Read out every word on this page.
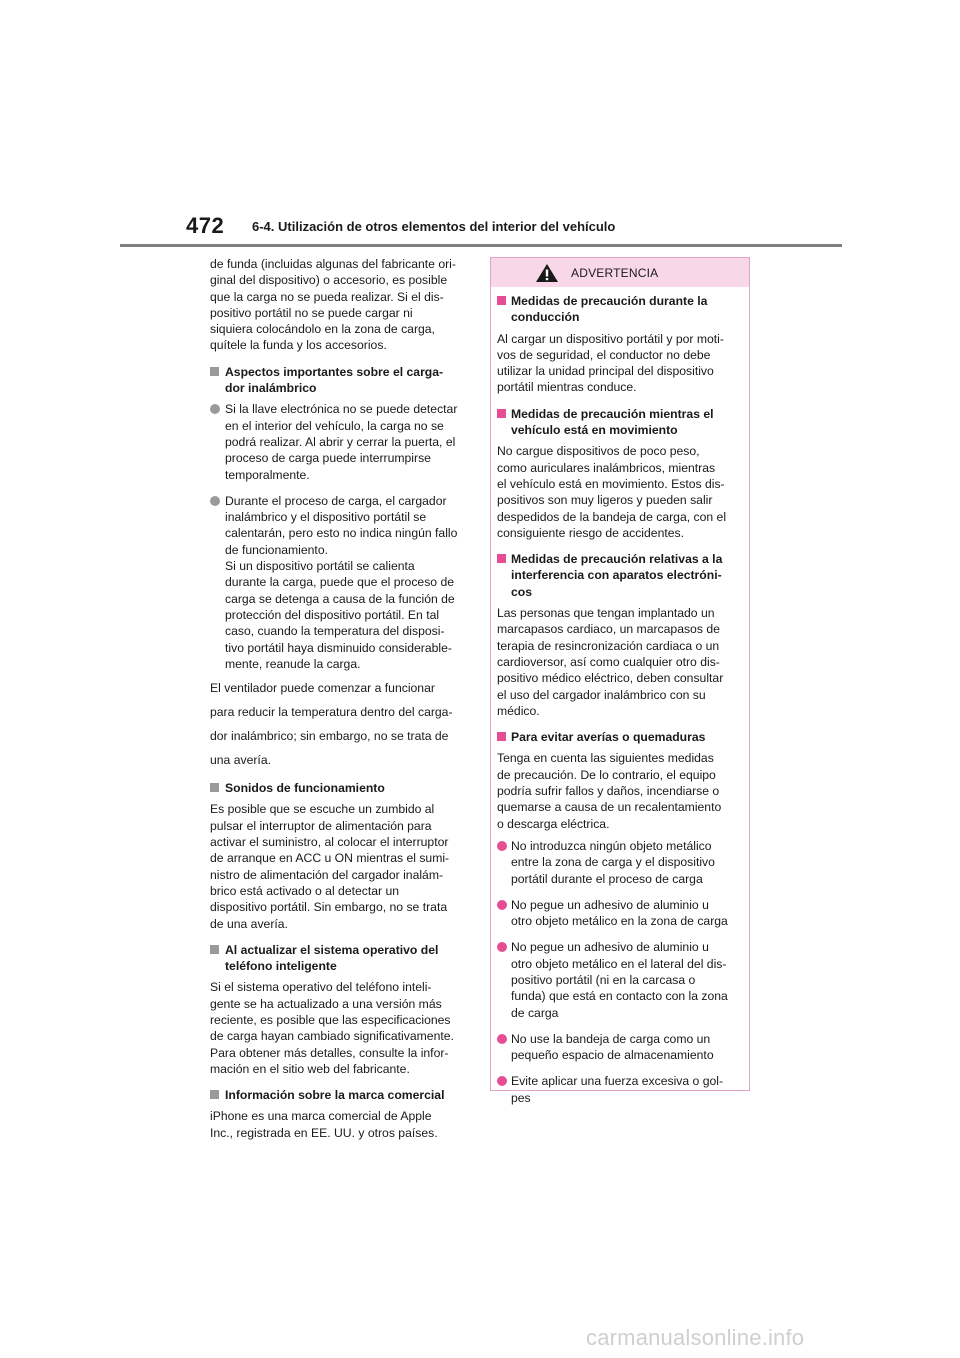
472 6-4. Utilización de otros elementos del interior del vehículo

de funda (incluidas algunas del fabricante ori-
ginal del dispositivo) o accesorio, es posible
que la carga no se pueda realizar. Si el dis-
positivo portátil no se puede cargar ni
siquiera colocándolo en la zona de carga,
quítele la funda y los accesorios.

Aspectos importantes sobre el carga-
dor inalámbrico
Si la llave electrónica no se puede detectar
en el interior del vehículo, la carga no se
podrá realizar. Al abrir y cerrar la puerta, el
proceso de carga puede interrumpirse
temporalmente.
Durante el proceso de carga, el cargador
inalámbrico y el dispositivo portátil se
calentarán, pero esto no indica ningún fallo
de funcionamiento.
Si un dispositivo portátil se calienta
durante la carga, puede que el proceso de
carga se detenga a causa de la función de
protección del dispositivo portátil. En tal
caso, cuando la temperatura del disposi-
tivo portátil haya disminuido considerable-
mente, reanude la carga.

El ventilador puede comenzar a funcionar

para reducir la temperatura dentro del carga-

dor inalámbrico; sin embargo, no se trata de

una avería.

Sonidos de funcionamiento

Es posible que se escuche un zumbido al
pulsar el interruptor de alimentación para
activar el suministro, al colocar el interruptor
de arranque en ACC u ON mientras el sumi-
nistro de alimentación del cargador inalám-
brico está activado o al detectar un
dispositivo portátil. Sin embargo, no se trata
de una avería.

Al actualizar el sistema operativo del
teléfono inteligente

Si el sistema operativo del teléfono inteli-
gente se ha actualizado a una versión más
reciente, es posible que las especificaciones
de carga hayan cambiado significativamente.
Para obtener más detalles, consulte la infor-
mación en el sitio web del fabricante.

Información sobre la marca comercial

iPhone es una marca comercial de Apple
Inc., registrada en EE. UU. y otros países.

ADVERTENCIA
Medidas de precaución durante la
conducción

Al cargar un dispositivo portátil y por moti-
vos de seguridad, el conductor no debe
utilizar la unidad principal del dispositivo
portátil mientras conduce.

Medidas de precaución mientras el
vehículo está en movimiento

No cargue dispositivos de poco peso,
como auriculares inalámbricos, mientras
el vehículo está en movimiento. Estos dis-
positivos son muy ligeros y pueden salir
despedidos de la bandeja de carga, con el
consiguiente riesgo de accidentes.

Medidas de precaución relativas a la
interferencia con aparatos electróni-
cos

Las personas que tengan implantado un
marcapasos cardiaco, un marcapasos de
terapia de resincronización cardiaca o un
cardioversor, así como cualquier otro dis-
positivo médico eléctrico, deben consultar
el uso del cargador inalámbrico con su
médico.

Para evitar averías o quemaduras

Tenga en cuenta las siguientes medidas
de precaución. De lo contrario, el equipo
podría sufrir fallos y daños, incendiarse o
quemarse a causa de un recalentamiento
o descarga eléctrica.

No introduzca ningún objeto metálico
entre la zona de carga y el dispositivo
portátil durante el proceso de carga
No pegue un adhesivo de aluminio u
otro objeto metálico en la zona de carga
No pegue un adhesivo de aluminio u
otro objeto metálico en el lateral del dis-
positivo portátil (ni en la carcasa o
funda) que está en contacto con la zona
de carga
No use la bandeja de carga como un
pequeño espacio de almacenamiento
Evite aplicar una fuerza excesiva o gol-
pes
carmanualsonline.info
